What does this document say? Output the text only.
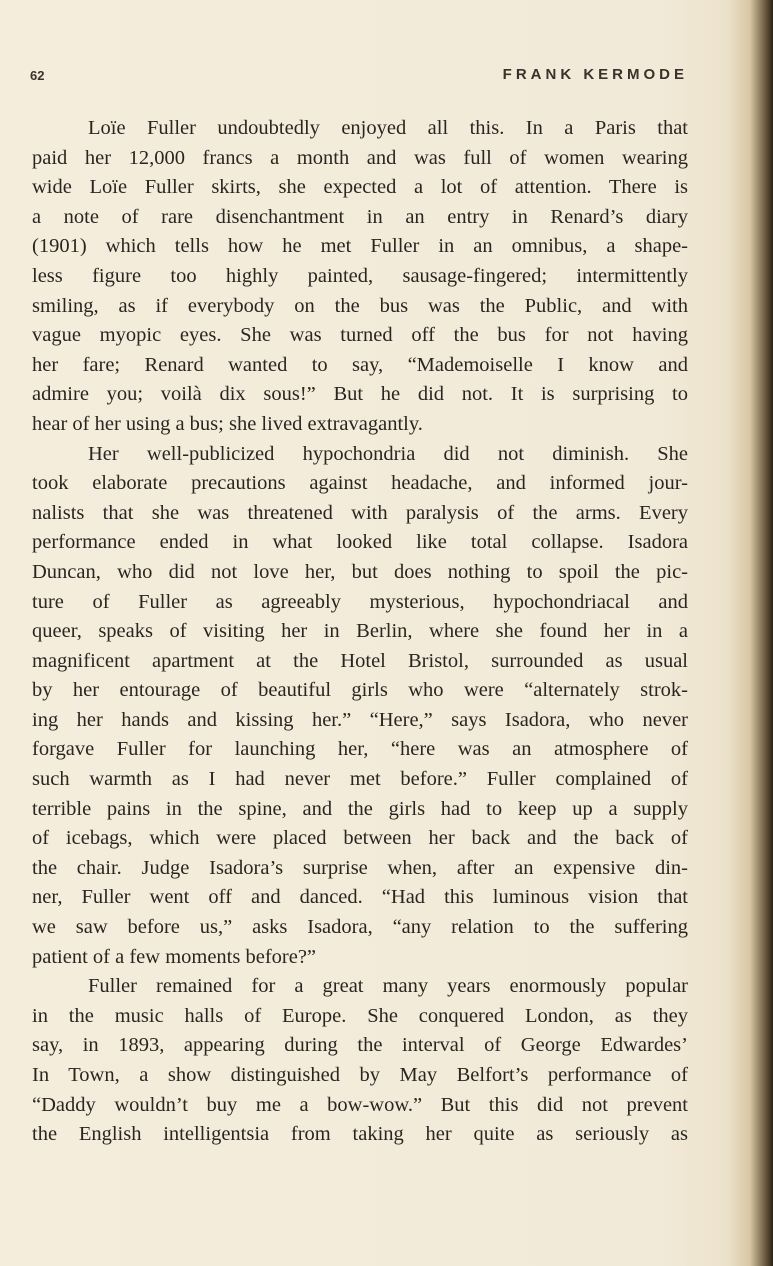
62	FRANK KERMODE
Loïe Fuller undoubtedly enjoyed all this. In a Paris that
paid her 12,000 francs a month and was full of women wearing
wide Loïe Fuller skirts, she expected a lot of attention. There is
a note of rare disenchantment in an entry in Renard’s diary
(1901) which tells how he met Fuller in an omnibus, a shape-
less figure too highly painted, sausage-fingered; intermittently
smiling, as if everybody on the bus was the Public, and with
vague myopic eyes. She was turned off the bus for not having
her fare; Renard wanted to say, “Mademoiselle I know and
admire you; voilà dix sous!” But he did not. It is surprising to
hear of her using a bus; she lived extravagantly.
Her well-publicized hypochondria did not diminish. She
took elaborate precautions against headache, and informed jour-
nalists that she was threatened with paralysis of the arms. Every
performance ended in what looked like total collapse. Isadora
Duncan, who did not love her, but does nothing to spoil the pic-
ture of Fuller as agreeably mysterious, hypochondriacal and
queer, speaks of visiting her in Berlin, where she found her in a
magnificent apartment at the Hotel Bristol, surrounded as usual
by her entourage of beautiful girls who were “alternately strok-
ing her hands and kissing her.” “Here,” says Isadora, who never
forgave Fuller for launching her, “here was an atmosphere of
such warmth as I had never met before.” Fuller complained of
terrible pains in the spine, and the girls had to keep up a supply
of icebags, which were placed between her back and the back of
the chair. Judge Isadora’s surprise when, after an expensive din-
ner, Fuller went off and danced. “Had this luminous vision that
we saw before us,” asks Isadora, “any relation to the suffering
patient of a few moments before?”
Fuller remained for a great many years enormously popular
in the music halls of Europe. She conquered London, as they
say, in 1893, appearing during the interval of George Edwardes’
In Town, a show distinguished by May Belfort’s performance of
“Daddy wouldn’t buy me a bow-wow.” But this did not prevent
the English intelligentsia from taking her quite as seriously as
